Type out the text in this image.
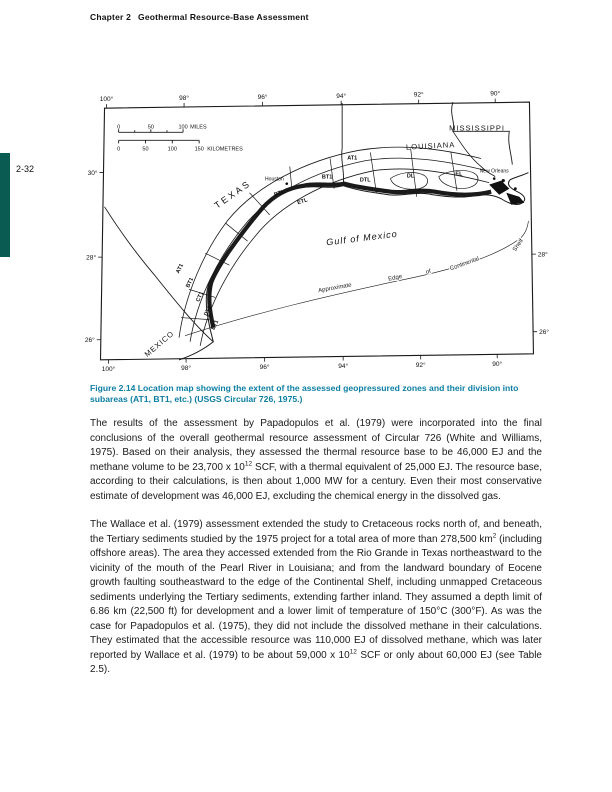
Chapter 2 Geothermal Resource-Base Assessment
2-32
100°	98°	96°	94°	92°	90°
100°	98°	96°	94°	92°	90°
30°
28°
26°
28°
26°
0	50	100 MILES
0	50	100	150 KILOMETRES
Approximate
Edge
of	Continental
Shelf
MISSISSIPPI
LOUISIANA
TEXAS
MEXICO
Gulf of Mexico
Houston
New Orleans
AT1
BT1
DTL
DL	EL
BTL
ETL
AT1
BT1
CT1
DT1
ET1
Figure 2.14 Location map showing the extent of the assessed geopressured zones and their division into subareas (AT1, BT1, etc.) (USGS Circular 726, 1975.)

The results of the assessment by Papadopulos et al. (1979) were incorporated into the final conclusions of the overall geothermal resource assessment of Circular 726 (White and Williams, 1975). Based on their analysis, they assessed the thermal resource base to be 46,000 EJ and the methane volume to be 23,700 x $10^{12}$ SCF, with a thermal equivalent of 25,000 EJ. The resource base, according to their calculations, is then about 1,000 MW for a century. Even their most conservative estimate of development was 46,000 EJ, excluding the chemical energy in the dissolved gas.

The Wallace et al. (1979) assessment extended the study to Cretaceous rocks north of, and beneath, the Tertiary sediments studied by the 1975 project for a total area of more than 278,500 $km^2$ (including offshore areas). The area they accessed extended from the Rio Grande in Texas northeastward to the vicinity of the mouth of the Pearl River in Louisiana; and from the landward boundary of Eocene growth faulting southeastward to the edge of the Continental Shelf, including unmapped Cretaceous sediments underlying the Tertiary sediments, extending farther inland. They assumed a depth limit of 6.86 km (22,500 ft) for development and a lower limit of temperature of 150°C (300°F). As was the case for Papadopulos et al. (1975), they did not include the dissolved methane in their calculations. They estimated that the accessible resource was 110,000 EJ of dissolved methane, which was later reported by Wallace et al. (1979) to be about 59,000 x $10^{12}$ SCF or only about 60,000 EJ (see Table 2.5).
